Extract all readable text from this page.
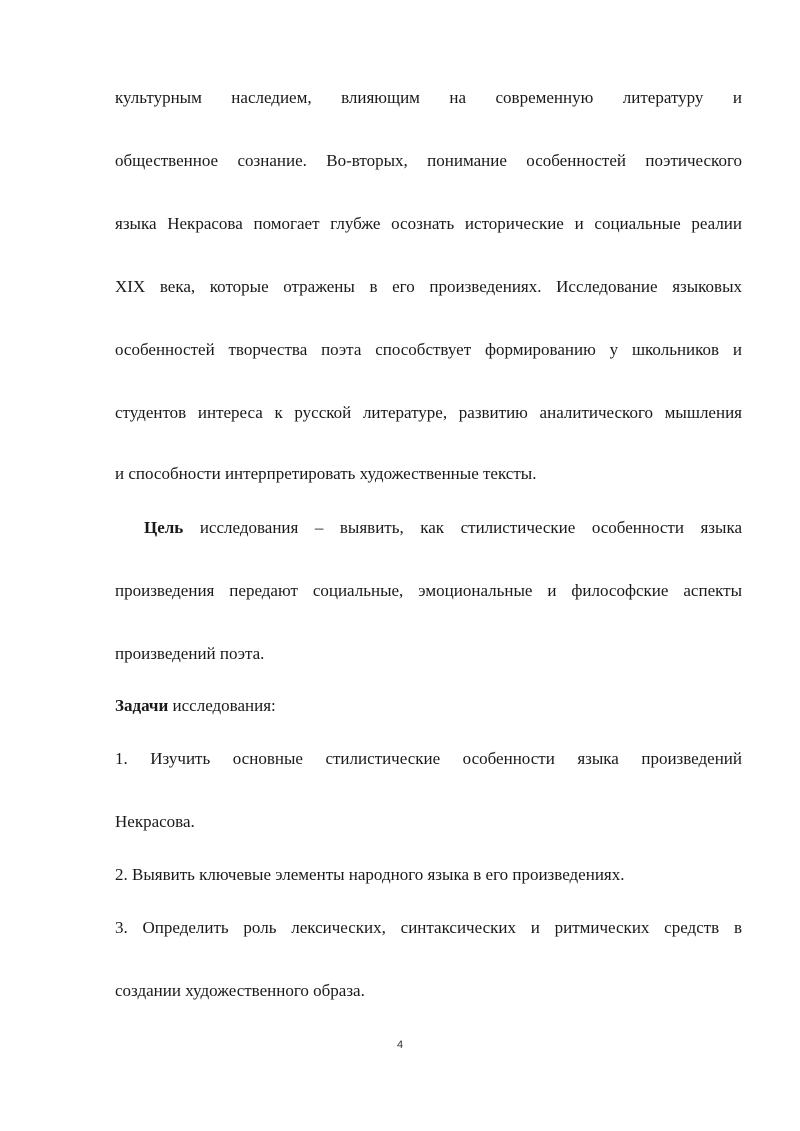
культурным наследием, влияющим на современную литературу и
общественное сознание. Во-вторых, понимание особенностей поэтического
языка Некрасова помогает глубже осознать исторические и социальные реалии
XIX века, которые отражены в его произведениях. Исследование языковых
особенностей творчества поэта способствует формированию у школьников и
студентов интереса к русской литературе, развитию аналитического мышления
и способности интерпретировать художественные тексты.
Цель исследования – выявить, как стилистические особенности языка
произведения передают социальные, эмоциональные и философские аспекты
произведений поэта.
Задачи исследования:
1. Изучить основные стилистические особенности языка произведений
Некрасова.
2. Выявить ключевые элементы народного языка в его произведениях.
3. Определить роль лексических, синтаксических и ритмических средств в
создании художественного образа.
4
